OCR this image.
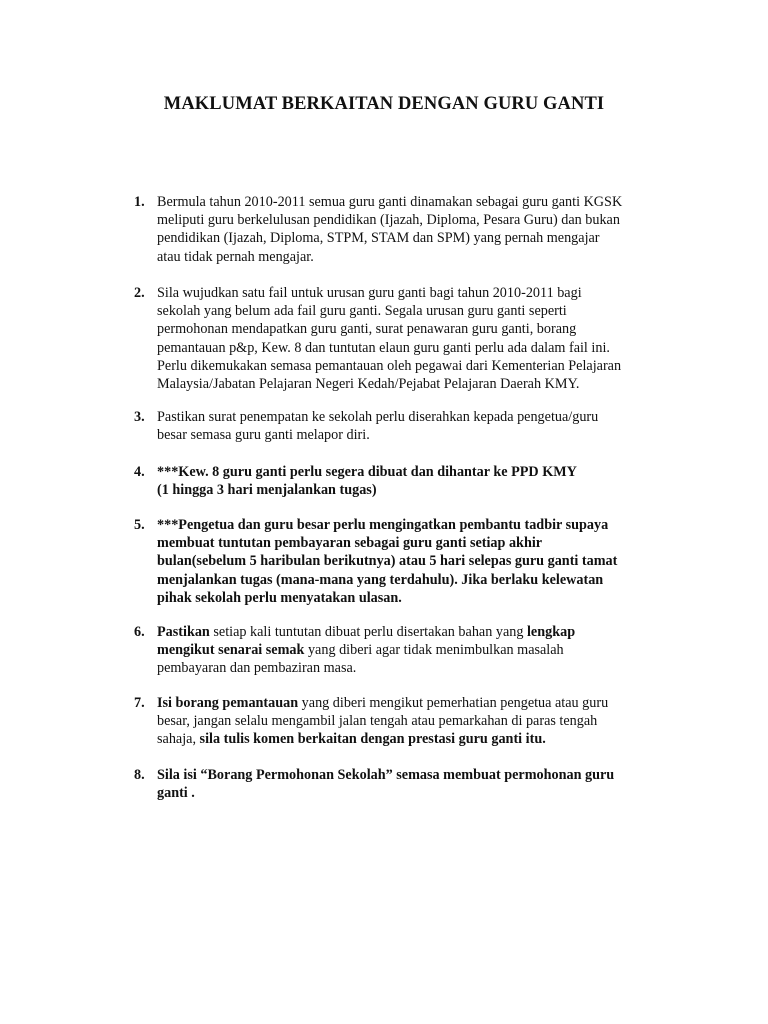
MAKLUMAT BERKAITAN DENGAN GURU GANTI
1. Bermula tahun 2010-2011 semua guru ganti dinamakan sebagai guru ganti KGSK
meliputi guru berkelulusan pendidikan (Ijazah, Diploma, Pesara Guru) dan bukan
pendidikan (Ijazah, Diploma, STPM, STAM dan SPM) yang pernah mengajar
atau tidak pernah mengajar.
2. Sila wujudkan satu fail untuk urusan guru ganti bagi tahun 2010-2011 bagi
sekolah yang belum ada fail guru ganti. Segala urusan guru ganti seperti
permohonan mendapatkan guru ganti, surat penawaran guru ganti, borang
pemantauan p&p, Kew. 8 dan tuntutan elaun guru ganti perlu ada dalam fail ini.
Perlu dikemukakan semasa pemantauan oleh pegawai dari Kementerian Pelajaran
Malaysia/Jabatan Pelajaran Negeri Kedah/Pejabat Pelajaran Daerah KMY.
3. Pastikan surat penempatan ke sekolah perlu diserahkan kepada pengetua/guru
besar semasa guru ganti melapor diri.
4. ***Kew. 8 guru ganti perlu segera dibuat dan dihantar ke PPD KMY
(1 hingga 3 hari menjalankan tugas)
5. ***Pengetua dan guru besar perlu mengingatkan pembantu tadbir supaya
membuat tuntutan pembayaran sebagai guru ganti setiap akhir
bulan(sebelum 5 haribulan berikutnya) atau 5 hari selepas guru ganti tamat
menjalankan tugas (mana-mana yang terdahulu). Jika berlaku kelewatan
pihak sekolah perlu menyatakan ulasan.
6. Pastikan setiap kali tuntutan dibuat perlu disertakan bahan yang lengkap
mengikut senarai semak yang diberi agar tidak menimbulkan masalah
pembayaran dan pembaziran masa.
7. Isi borang pemantauan yang diberi mengikut pemerhatian pengetua atau guru
besar, jangan selalu mengambil jalan tengah atau pemarkahan di paras tengah
sahaja, sila tulis komen berkaitan dengan prestasi guru ganti itu.
8. Sila isi “Borang Permohonan Sekolah” semasa membuat permohonan guru
ganti .
